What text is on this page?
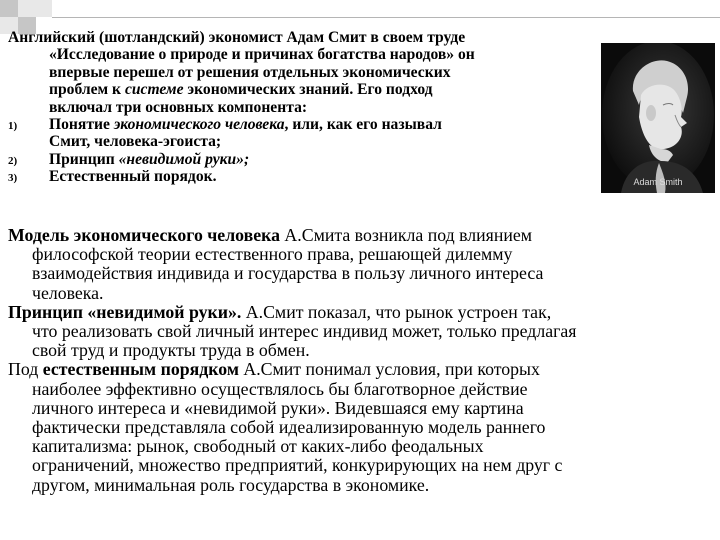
Adam Smith
Английский (шотландский) экономист Адам Смит в своем труде
«Исследование о природе и причинах богатства народов» он
впервые перешел от решения отдельных экономических
проблем к системе экономических знаний. Его подход
включал три основных компонента:
1) Понятие экономического человека, или, как его называл
Смит, человека-эгоиста;
2) Принцип «невидимой руки»;
3) Естественный порядок.
Модель экономического человека А.Смита возникла под влиянием
философской теории естественного права, решающей дилемму
взаимодействия индивида и государства в пользу личного интереса
человека.
Принцип «невидимой руки». А.Смит показал, что рынок устроен так,
что реализовать свой личный интерес индивид может, только предлагая
свой труд и продукты труда в обмен.
Под естественным порядком А.Смит понимал условия, при которых
наиболее эффективно осуществлялось бы благотворное действие
личного интереса и «невидимой руки». Видевшаяся ему картина
фактически представляла собой идеализированную модель раннего
капитализма: рынок, свободный от каких-либо феодальных
ограничений, множество предприятий, конкурирующих на нем друг с
другом, минимальная роль государства в экономике.
